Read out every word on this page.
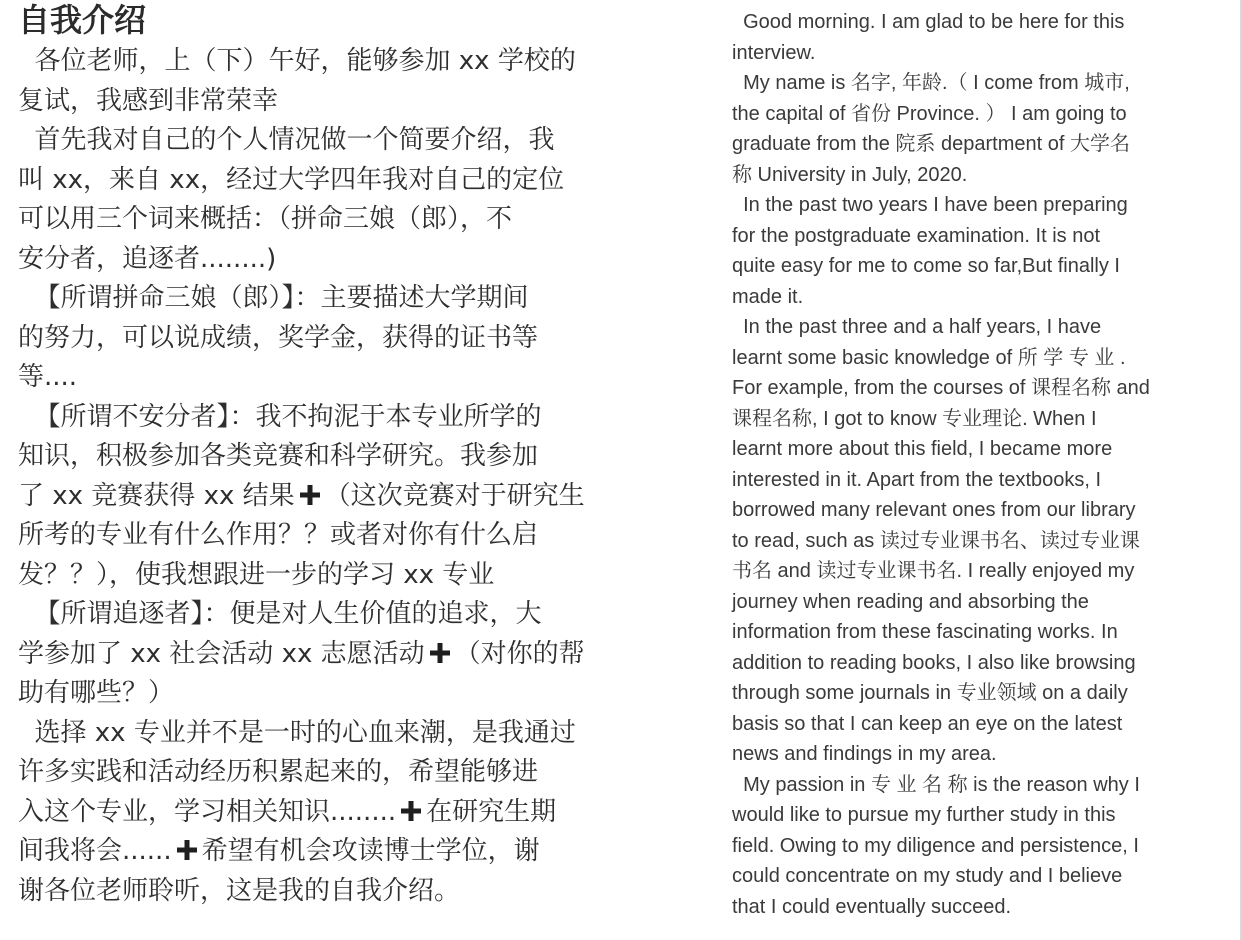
自我介绍
各位老师，上（下）午好，能够参加 xx 学校的
复试，我感到非常荣幸
首先我对自己的个人情况做一个简要介绍，我
叫 xx，来自 xx，经过大学四年我对自己的定位
可以用三个词来概括：（拼命三娘（郎），不
安分者，追逐者........)
【所谓拼命三娘（郎）】：主要描述大学期间
的努力，可以说成绩，奖学金，获得的证书等
等....
【所谓不安分者】：我不拘泥于本专业所学的
知识，积极参加各类竞赛和科学研究。我参加
了 xx 竞赛获得 xx 结果 （这次竞赛对于研究生
所考的专业有什么作用？？或者对你有什么启
发？？），使我想跟进一步的学习 xx 专业
【所谓追逐者】：便是对人生价值的追求，大
学参加了 xx 社会活动 xx 志愿活动 （对你的帮
助有哪些？）
选择 xx 专业并不是一时的心血来潮，是我通过
许多实践和活动经历积累起来的，希望能够进
入这个专业，学习相关知识........ 在研究生期
间我将会...... 希望有机会攻读博士学位，谢
谢各位老师聆听，这是我的自我介绍。
Good morning. I am glad to be here for this
interview.
My name is 名字, 年龄.（ I come from 城市,
the capital of 省份 Province. ） I am going to
graduate from the 院系 department of 大学名
称 University in July, 2020.
In the past two years I have been preparing
for the postgraduate examination. It is not
quite easy for me to come so far,But finally I
made it.
In the past three and a half years, I have
learnt some basic knowledge of 所 学 专 业 .
For example, from the courses of 课程名称 and
课程名称, I got to know 专业理论. When I
learnt more about this field, I became more
interested in it. Apart from the textbooks, I
borrowed many relevant ones from our library
to read, such as 读过专业课书名、读过专业课
书名 and 读过专业课书名. I really enjoyed my
journey when reading and absorbing the
information from these fascinating works. In
addition to reading books, I also like browsing
through some journals in 专业领域 on a daily
basis so that I can keep an eye on the latest
news and findings in my area.
My passion in 专 业 名 称 is the reason why I
would like to pursue my further study in this
field. Owing to my diligence and persistence, I
could concentrate on my study and I believe
that I could eventually succeed.
